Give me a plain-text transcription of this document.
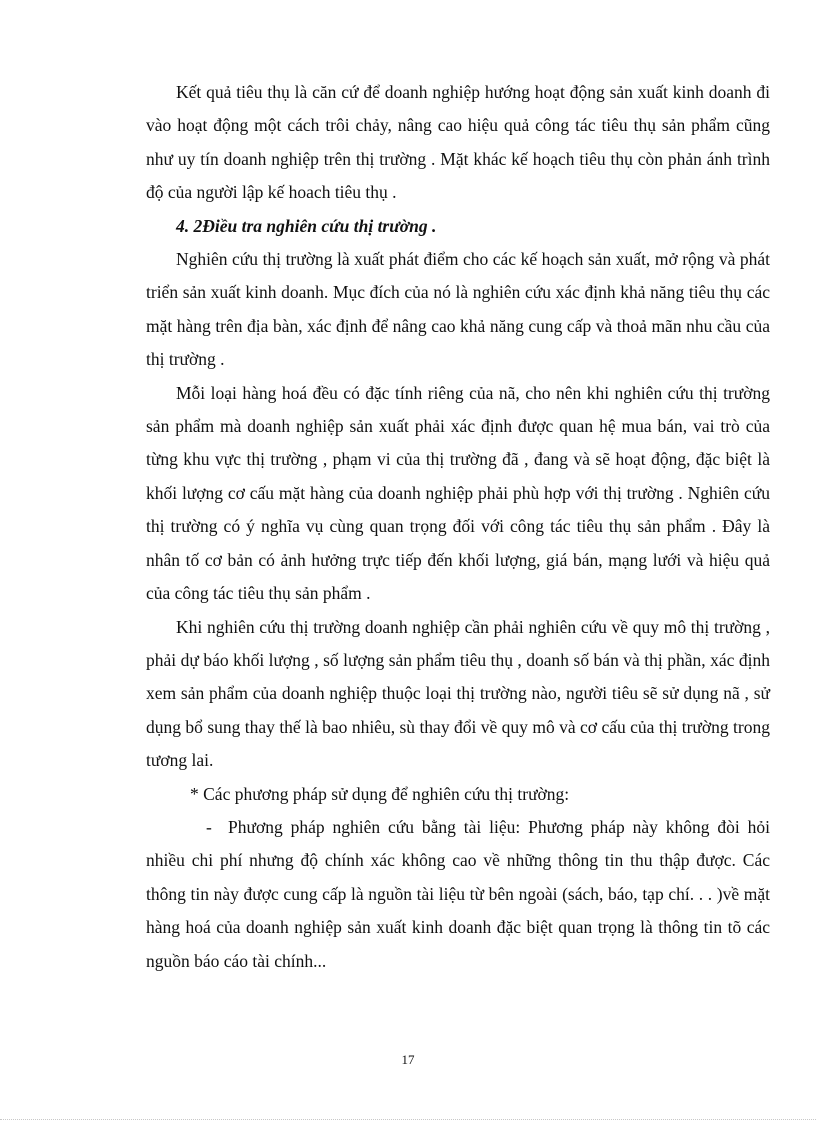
Kết quả tiêu thụ là căn cứ để doanh nghiệp hướng hoạt động sản xuất kinh doanh đi vào hoạt động một cách trôi chảy, nâng cao hiệu quả công tác tiêu thụ sản phẩm cũng như uy tín doanh nghiệp trên thị trường . Mặt khác kế hoạch tiêu thụ còn phản ánh trình độ của người lập kế hoach tiêu thụ .

4. 2Điều tra nghiên cứu thị trường .

Nghiên cứu thị trường là xuất phát điểm cho các kế hoạch sản xuất, mở rộng và phát triển sản xuất kinh doanh. Mục đích của nó là nghiên cứu xác định khả năng tiêu thụ các mặt hàng trên địa bàn, xác định để nâng cao khả năng cung cấp và thoả mãn nhu cầu của thị trường .

Mỗi loại hàng hoá đều có đặc tính riêng của nã, cho nên khi nghiên cứu thị trường sản phẩm mà doanh nghiệp sản xuất phải xác định được quan hệ mua bán, vai trò của từng khu vực thị trường , phạm vi của thị trường đã , đang và sẽ hoạt động, đặc biệt là khối lượng cơ cấu mặt hàng của doanh nghiệp phải phù hợp với thị trường . Nghiên cứu thị trường có ý nghĩa vụ cùng quan trọng đối với công tác tiêu thụ sản phẩm . Đây là nhân tố cơ bản có ảnh hưởng trực tiếp đến khối lượng, giá bán, mạng lưới và hiệu quả của công tác tiêu thụ sản phẩm .

Khi nghiên cứu thị trường doanh nghiệp cần phải nghiên cứu về quy mô thị trường , phải dự báo khối lượng , số lượng sản phẩm tiêu thụ , doanh số bán và thị phần, xác định xem sản phẩm của doanh nghiệp thuộc loại thị trường nào, người tiêu sẽ sử dụng nã , sử dụng bổ sung thay thế là bao nhiêu, sù thay đổi về quy mô và cơ cấu của thị trường trong tương lai.

* Các phương pháp sử dụng để nghiên cứu thị trường:

- Phương pháp nghiên cứu bằng tài liệu: Phương pháp này không đòi hỏi nhiều chi phí nhưng độ chính xác không cao về những thông tin thu thập được. Các thông tin này được cung cấp là nguồn tài liệu từ bên ngoài (sách, báo, tạp chí. . . )về mặt hàng hoá của doanh nghiệp sản xuất kinh doanh đặc biệt quan trọng là thông tin tõ các nguồn báo cáo tài chính...

17
